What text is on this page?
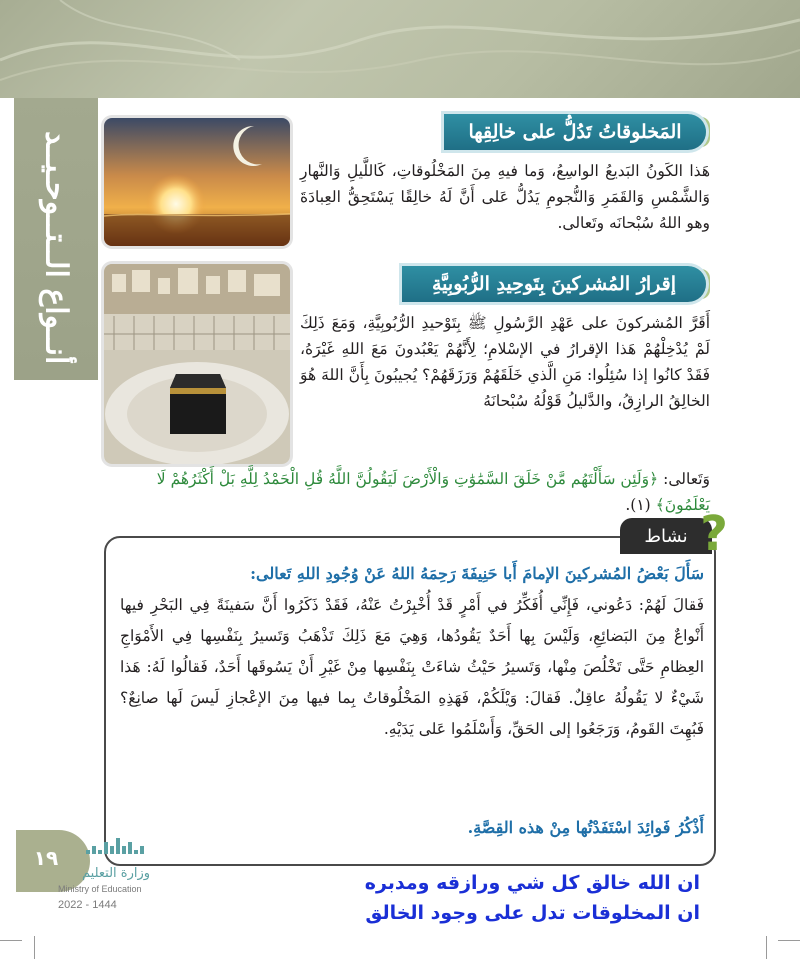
أنــواع الــتــوحـيــد	المَخلوقاتُ تَدُلُّ على خالِقِها
هَذا الكَونُ البَديعُ الواسِعُ، وَما فيهِ مِنَ المَخْلُوقاتِ، كَاللَّيلِ وَالنَّهارِ وَالشَّمْسِ وَالقَمَرِ وَالنُّجومِ يَدُلُّ عَلى أَنَّ لَهُ خالِقًا يَسْتَحِقُّ العِبادَةَ وهو اللهُ سُبْحانَه وتَعالى.
إقرارُ المُشركينَ بِتَوحِيدِ الرُّبُوبِيَّةِ
أَقَرَّ المُشركونَ على عَهْدِ الرَّسُولِ ﷺ بِتَوْحيدِ الرُّبُوبِيَّةِ، وَمَعَ ذَلِكَ لَمْ يُدْخِلْهُمْ هَذا الإقرارُ في الإسْلامِ؛ لِأَنَّهُمْ يَعْبُدونَ مَعَ اللهِ غَيْرَهُ، فَقَدْ كانُوا إذا سُئِلُوا: مَنِ الَّذي خَلَقَهُمْ وَرَزَقَهُمْ؟ يُجيبُونَ بِأَنَّ اللهَ هُوَ الخالِقُ الرازِقُ، والدَّليلُ قَوْلُهُ سُبْحانَهُ
وَتَعالى: ﴿وَلَئِن سَأَلْتَهُم مَّنْ خَلَقَ السَّمَٰوَٰتِ وَالْأَرْضَ لَيَقُولُنَّ اللَّهُ قُلِ الْحَمْدُ لِلَّهِ بَلْ أَكْثَرُهُمْ لَا يَعْلَمُونَ﴾ (١).
نشاط ?
سَأَلَ بَعْضُ المُشركينَ الإمامَ أَبا حَنِيفَةَ رَحِمَهُ اللهُ عَنْ وُجُودِ اللهِ تَعالى:
فَقالَ لَهُمْ: دَعُوني، فَإِنِّي أُفَكِّرُ في أَمْرٍ قَدْ أُخْبِرْتُ عَنْهُ، فَقَدْ ذَكَرُوا أَنَّ سَفينَةً فِي البَحْرِ فيها أَنْواعٌ مِنَ البَضائِعِ، وَلَيْسَ بِها أَحَدٌ يَقُودُها، وَهِيَ مَعَ ذَلِكَ تَذْهَبُ وَتَسيرُ بِنَفْسِها فِي الأَمْوَاجِ العِظامِ حَتَّى تَخْلُصَ مِنْها، وَتَسيرُ حَيْثُ شاءَتْ بِنَفْسِها مِنْ غَيْرِ أَنْ يَسُوقَها أَحَدٌ، فَقالُوا لَهُ: هَذا شَيْءٌ لا يَقُولُهُ عاقِلٌ. فَقالَ: وَيْلَكُمْ، فَهَذِهِ المَخْلُوقاتُ بِما فيها مِنَ الإعْجازِ لَيسَ لَها صانِعٌ؟ فَبُهِتَ القَومُ، وَرَجَعُوا إلى الحَقِّ، وَأَسْلَمُوا عَلى يَدَيْهِ.
أَذْكُرُ فَوائِدَ اسْتَفَدْتُها مِنْ هذه القِصَّةِ.
ان الله خالق كل شي ورازقه ومدبره
ان المخلوقات تدل على وجود الخالق
١٩
وزارة التعليم
Ministry of Education
2022 - 1444
